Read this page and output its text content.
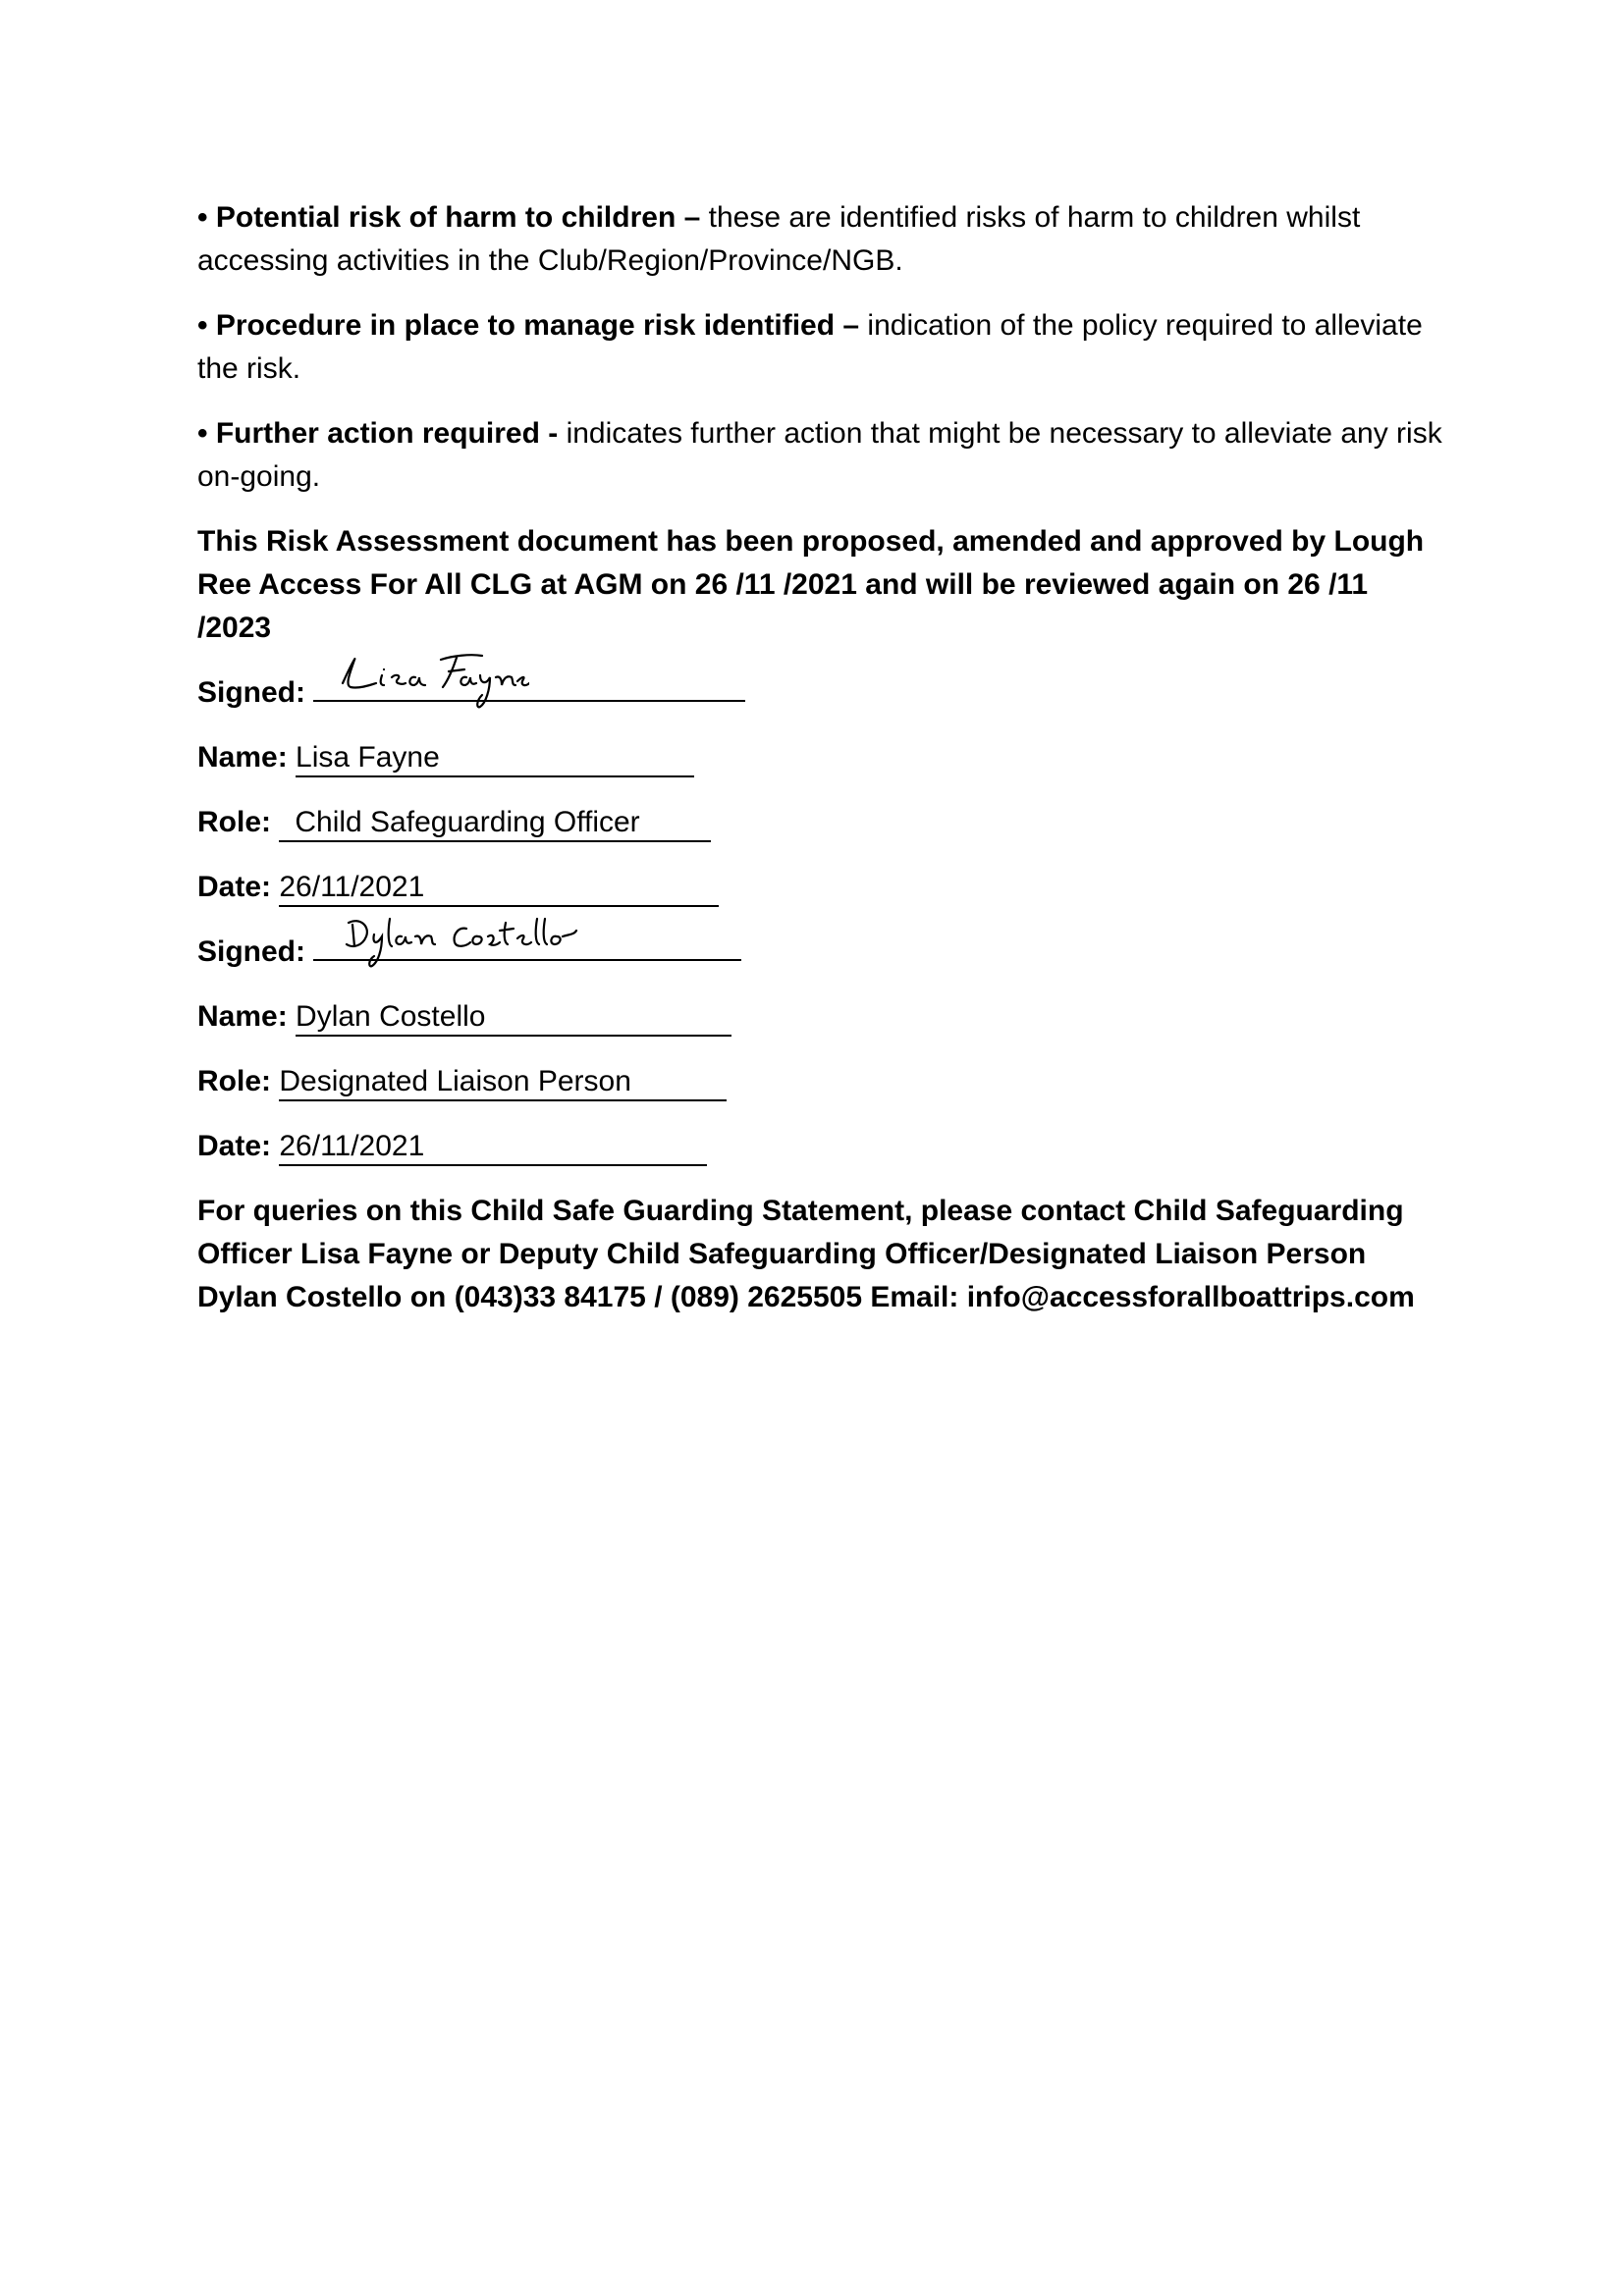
• Potential risk of harm to children – these are identified risks of harm to children whilst accessing activities in the Club/Region/Province/NGB.

• Procedure in place to manage risk identified – indication of the policy required to alleviate the risk.

• Further action required - indicates further action that might be necessary to alleviate any risk on-going.

This Risk Assessment document has been proposed, amended and approved by Lough Ree Access For All CLG at AGM on 26 /11 /2021 and will be reviewed again on 26 /11 /2023

Signed:
Name: Lisa Fayne
Role: Child Safeguarding Officer
Date: 26/11/2021
Signed:
Name: Dylan Costello
Role: Designated Liaison Person
Date: 26/11/2021

For queries on this Child Safe Guarding Statement, please contact Child Safeguarding Officer Lisa Fayne or Deputy Child Safeguarding Officer/Designated Liaison Person Dylan Costello on (043)33 84175 / (089) 2625505 Email: info@accessforallboattrips.com
